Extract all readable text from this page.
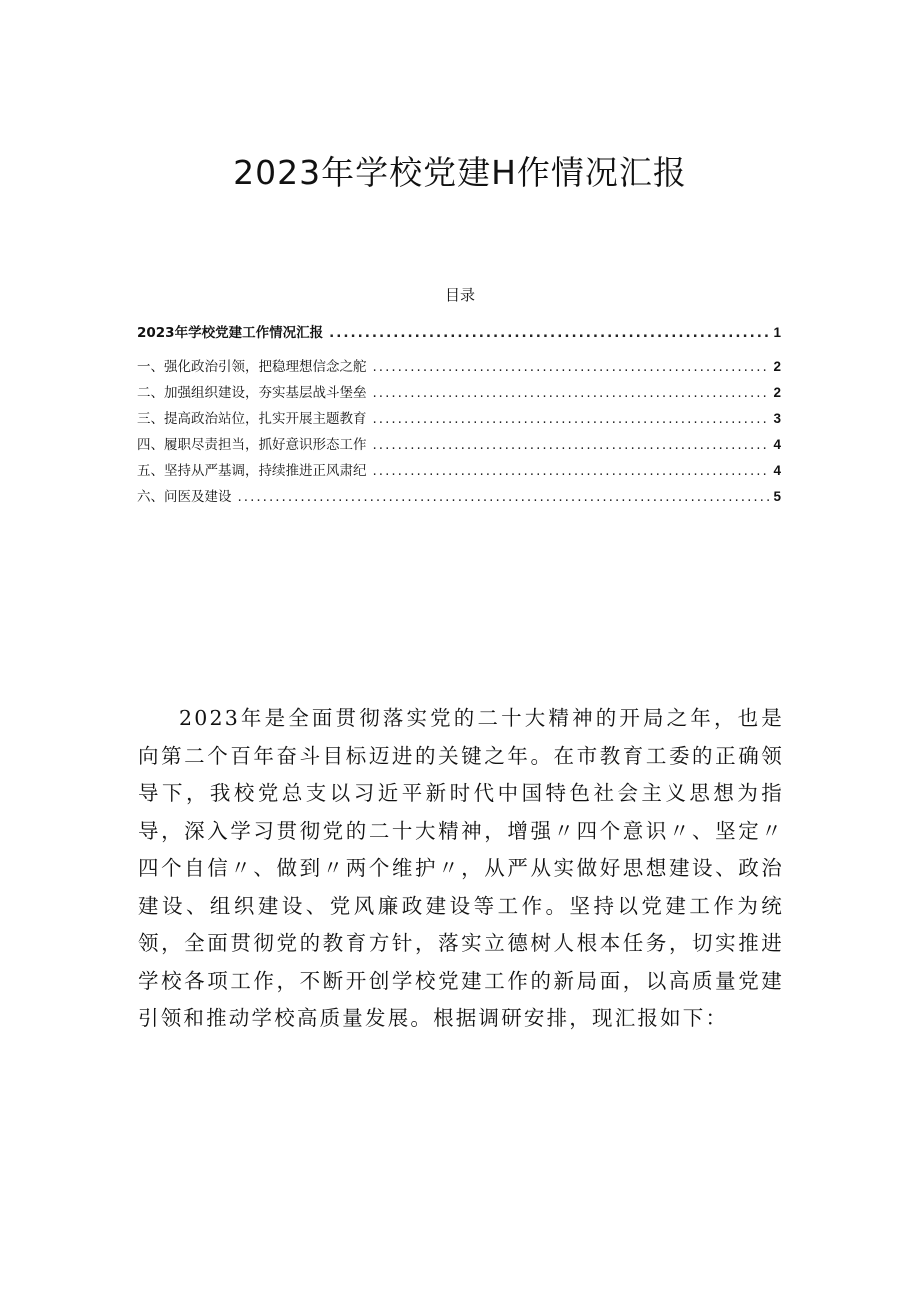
2023年学校党建H作情况汇报
目录
2023年学校党建工作情况汇报 .....	1
一、强化政治引领，把稳理想信念之舵 .....	2
二、加强组织建设，夯实基层战斗堡垒 .....	2
三、提高政治站位，扎实开展主题教育 .....	3
四、履职尽责担当，抓好意识形态工作 .....	4
五、坚持从严基调，持续推进正风肃纪 .....	4
六、问医及建设 .....	5

2023年是全面贯彻落实党的二十大精神的开局之年，也是向第二个百年奋斗目标迈进的关键之年。在市教育工委的正确领导下，我校党总支以习近平新时代中国特色社会主义思想为指导，深入学习贯彻党的二十大精神，增强〃四个意识〃、坚定〃四个自信〃、做到〃两个维护〃，从严从实做好思想建设、政治建设、组织建设、党风廉政建设等工作。坚持以党建工作为统领，全面贯彻党的教育方针，落实立德树人根本任务，切实推进学校各项工作，不断开创学校党建工作的新局面，以高质量党建引领和推动学校高质量发展。根据调研安排，现汇报如下：
